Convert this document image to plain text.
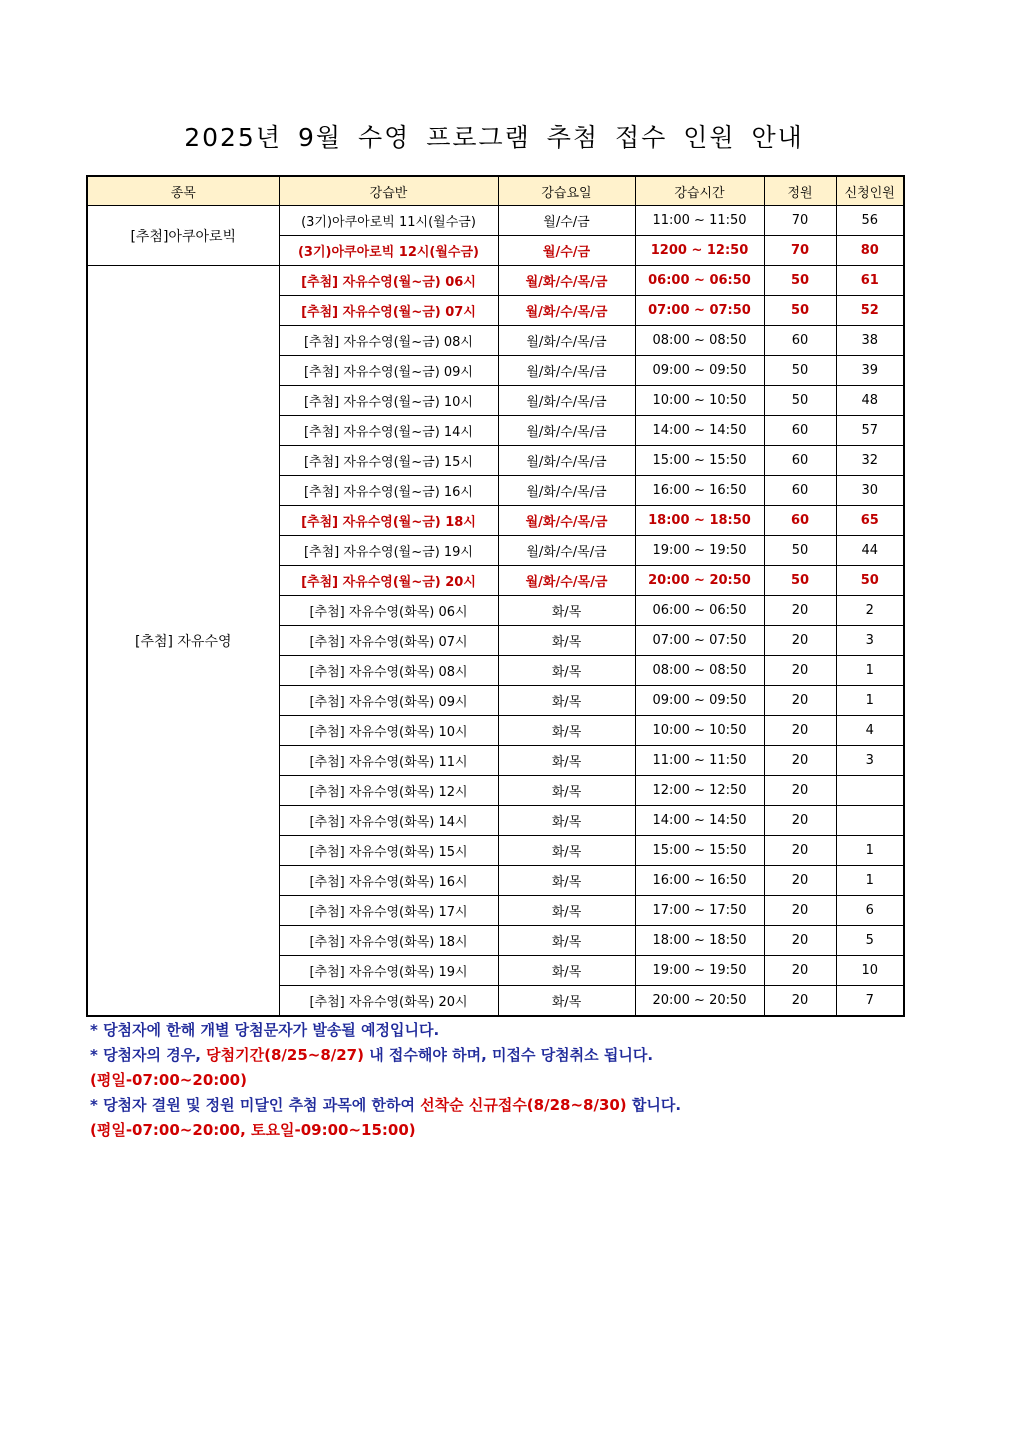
2025년 9월 수영 프로그램 추첨 접수 인원 안내
종목	강습반	강습요일	강습시간	정원	신청인원
[추첨]아쿠아로빅	(3기)아쿠아로빅 11시(월수금)	월/수/금	11:00 ~ 11:50	70	56
	(3기)아쿠아로빅 12시(월수금)	월/수/금	1200 ~ 12:50	70	80
[추첨] 자유수영	[추첨] 자유수영(월~금) 06시	월/화/수/목/금	06:00 ~ 06:50	50	61
	[추첨] 자유수영(월~금) 07시	월/화/수/목/금	07:00 ~ 07:50	50	52
	[추첨] 자유수영(월~금) 08시	월/화/수/목/금	08:00 ~ 08:50	60	38
	[추첨] 자유수영(월~금) 09시	월/화/수/목/금	09:00 ~ 09:50	50	39
	[추첨] 자유수영(월~금) 10시	월/화/수/목/금	10:00 ~ 10:50	50	48
	[추첨] 자유수영(월~금) 14시	월/화/수/목/금	14:00 ~ 14:50	60	57
	[추첨] 자유수영(월~금) 15시	월/화/수/목/금	15:00 ~ 15:50	60	32
	[추첨] 자유수영(월~금) 16시	월/화/수/목/금	16:00 ~ 16:50	60	30
	[추첨] 자유수영(월~금) 18시	월/화/수/목/금	18:00 ~ 18:50	60	65
	[추첨] 자유수영(월~금) 19시	월/화/수/목/금	19:00 ~ 19:50	50	44
	[추첨] 자유수영(월~금) 20시	월/화/수/목/금	20:00 ~ 20:50	50	50
	[추첨] 자유수영(화목) 06시	화/목	06:00 ~ 06:50	20	2
	[추첨] 자유수영(화목) 07시	화/목	07:00 ~ 07:50	20	3
	[추첨] 자유수영(화목) 08시	화/목	08:00 ~ 08:50	20	1
	[추첨] 자유수영(화목) 09시	화/목	09:00 ~ 09:50	20	1
	[추첨] 자유수영(화목) 10시	화/목	10:00 ~ 10:50	20	4
	[추첨] 자유수영(화목) 11시	화/목	11:00 ~ 11:50	20	3
	[추첨] 자유수영(화목) 12시	화/목	12:00 ~ 12:50	20	
	[추첨] 자유수영(화목) 14시	화/목	14:00 ~ 14:50	20	
	[추첨] 자유수영(화목) 15시	화/목	15:00 ~ 15:50	20	1
	[추첨] 자유수영(화목) 16시	화/목	16:00 ~ 16:50	20	1
	[추첨] 자유수영(화목) 17시	화/목	17:00 ~ 17:50	20	6
	[추첨] 자유수영(화목) 18시	화/목	18:00 ~ 18:50	20	5
	[추첨] 자유수영(화목) 19시	화/목	19:00 ~ 19:50	20	10
	[추첨] 자유수영(화목) 20시	화/목	20:00 ~ 20:50	20	7
* 당첨자에 한해 개별 당첨문자가 발송될 예정입니다.
* 당첨자의 경우, 당첨기간(8/25~8/27) 내 접수해야 하며, 미접수 당첨취소 됩니다.
(평일-07:00~20:00)
* 당첨자 결원 및 정원 미달인 추첨 과목에 한하여 선착순 신규접수(8/28~8/30) 합니다.
(평일-07:00~20:00, 토요일-09:00~15:00)
